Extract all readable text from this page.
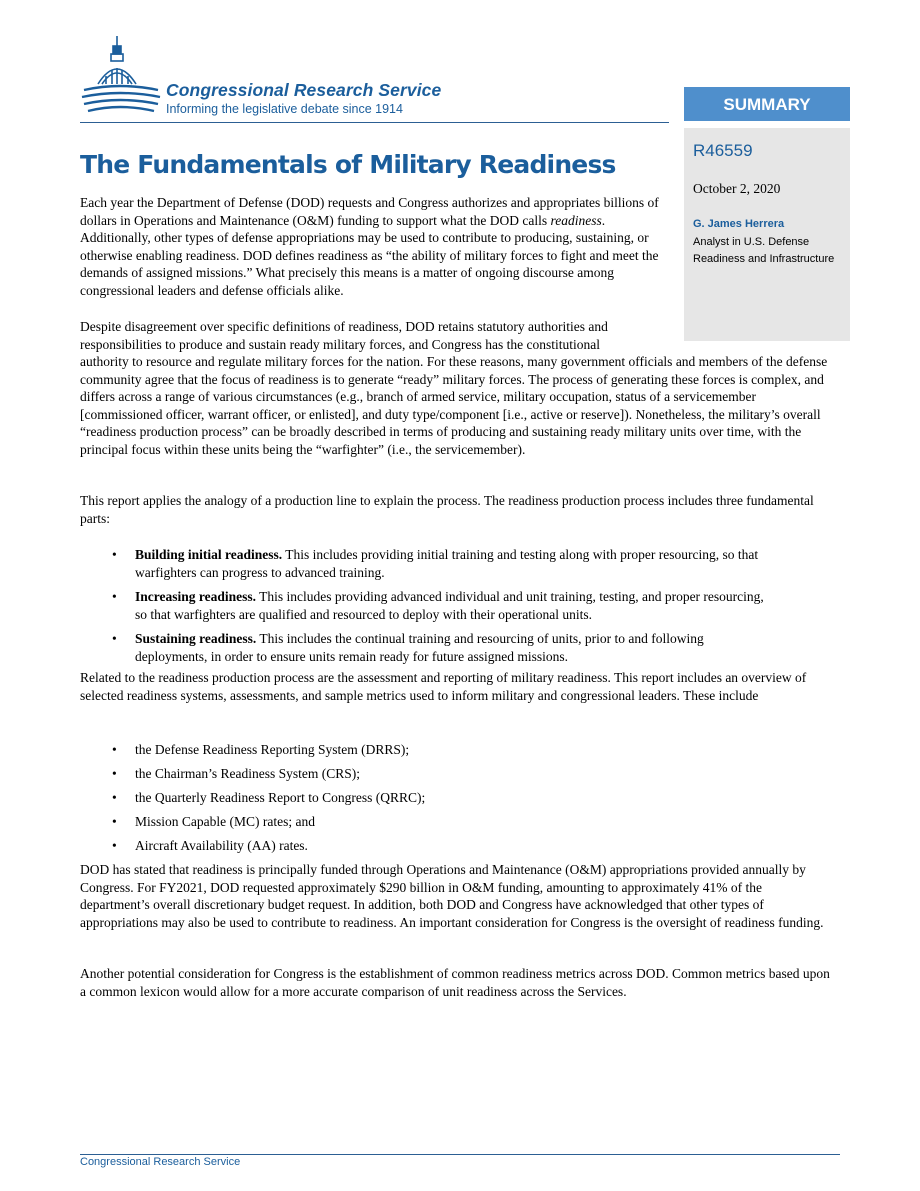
Congressional Research Service

Informing the legislative debate since 1914	SUMMARY

R46559

October 2, 2020

G. James Herrera

Analyst in U.S. Defense Readiness and Infrastructure

The Fundamentals of Military Readiness

Each year the Department of Defense (DOD) requests and Congress authorizes and appropriates billions of dollars in Operations and Maintenance (O&M) funding to support what the DOD calls readiness. Additionally, other types of defense appropriations may be used to contribute to producing, sustaining, or otherwise enabling readiness. DOD defines readiness as “the ability of military forces to fight and meet the demands of assigned missions.” What precisely this means is a matter of ongoing discourse among congressional leaders and defense officials alike.

Despite disagreement over specific definitions of readiness, DOD retains statutory authorities and responsibilities to produce and sustain ready military forces, and Congress has the constitutional

authority to resource and regulate military forces for the nation. For these reasons, many government officials and members of the defense community agree that the focus of readiness is to generate “ready” military forces. The process of generating these forces is complex, and differs across a range of various circumstances (e.g., branch of armed service, military occupation, status of a servicemember [commissioned officer, warrant officer, or enlisted], and duty type/component [i.e., active or reserve]). Nonetheless, the military’s overall “readiness production process” can be broadly described in terms of producing and sustaining ready military units over time, with the principal focus within these units being the “warfighter” (i.e., the servicemember).

This report applies the analogy of a production line to explain the process. The readiness production process includes three fundamental parts:

• Building initial readiness. This includes providing initial training and testing along with proper resourcing, so that warfighters can progress to advanced training.
• Increasing readiness. This includes providing advanced individual and unit training, testing, and proper resourcing, so that warfighters are qualified and resourced to deploy with their operational units.
• Sustaining readiness. This includes the continual training and resourcing of units, prior to and following deployments, in order to ensure units remain ready for future assigned missions.

Related to the readiness production process are the assessment and reporting of military readiness. This report includes an overview of selected readiness systems, assessments, and sample metrics used to inform military and congressional leaders. These include

• the Defense Readiness Reporting System (DRRS);
• the Chairman’s Readiness System (CRS);
• the Quarterly Readiness Report to Congress (QRRC);
• Mission Capable (MC) rates; and
• Aircraft Availability (AA) rates.

DOD has stated that readiness is principally funded through Operations and Maintenance (O&M) appropriations provided annually by Congress. For FY2021, DOD requested approximately $290 billion in O&M funding, amounting to approximately 41% of the department’s overall discretionary budget request. In addition, both DOD and Congress have acknowledged that other types of appropriations may also be used to contribute to readiness. An important consideration for Congress is the oversight of readiness funding.

Another potential consideration for Congress is the establishment of common readiness metrics across DOD. Common metrics based upon a common lexicon would allow for a more accurate comparison of unit readiness across the Services.

Congressional Research Service
